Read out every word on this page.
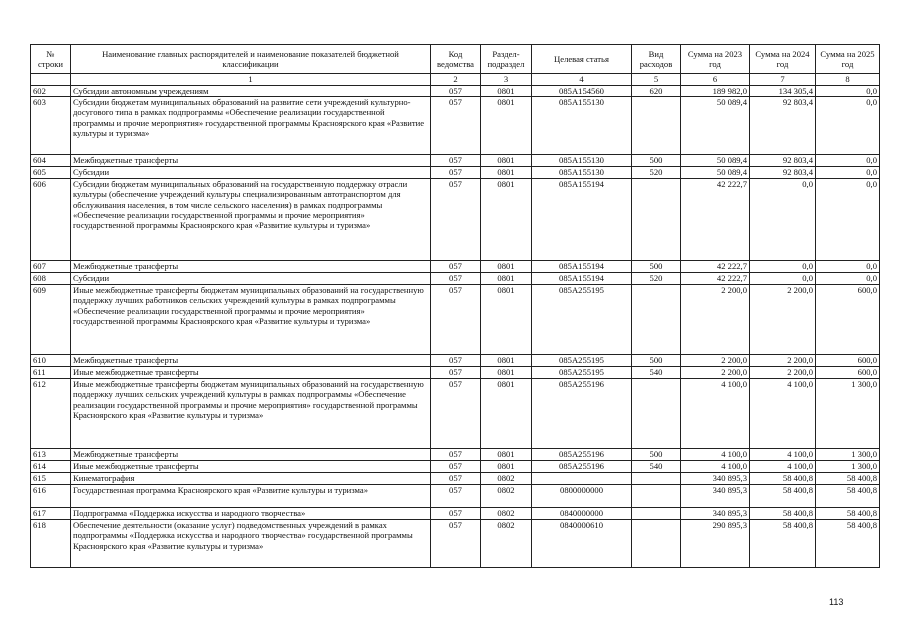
№ строки	Наименование главных распорядителей и наименование показателей бюджетной классификации	Код ведомства	Раздел-подраздел	Целевая статья	Вид расходов	Сумма на 2023 год	Сумма на 2024 год	Сумма на 2025 год
	1	2	3	4	5	6	7	8
602	Субсидии автономным учреждениям	057	0801	085А154560	620	189 982,0	134 305,4	0,0
603	Субсидии бюджетам муниципальных образований на развитие сети учреждений культурно-досугового типа в рамках подпрограммы «Обеспечение реализации государственной программы и прочие мероприятия» государственной программы Красноярского края «Развитие культуры и туризма»	057	0801	085А155130		50 089,4	92 803,4	0,0
604	Межбюджетные трансферты	057	0801	085А155130	500	50 089,4	92 803,4	0,0
605	Субсидии	057	0801	085А155130	520	50 089,4	92 803,4	0,0
606	Субсидии бюджетам муниципальных образований на государственную поддержку отрасли культуры (обеспечение учреждений культуры специализированным автотранспортом для обслуживания населения, в том числе сельского населения) в рамках подпрограммы «Обеспечение реализации государственной программы и прочие мероприятия» государственной программы Красноярского края «Развитие культуры и туризма»	057	0801	085А155194		42 222,7	0,0	0,0
607	Межбюджетные трансферты	057	0801	085А155194	500	42 222,7	0,0	0,0
608	Субсидии	057	0801	085А155194	520	42 222,7	0,0	0,0
609	Иные межбюджетные трансферты бюджетам муниципальных образований на государственную поддержку лучших работников сельских учреждений культуры в рамках подпрограммы «Обеспечение реализации государственной программы и прочие мероприятия» государственной программы Красноярского края «Развитие культуры и туризма»	057	0801	085А255195		2 200,0	2 200,0	600,0
610	Межбюджетные трансферты	057	0801	085А255195	500	2 200,0	2 200,0	600,0
611	Иные межбюджетные трансферты	057	0801	085А255195	540	2 200,0	2 200,0	600,0
612	Иные межбюджетные трансферты бюджетам муниципальных образований на государственную поддержку лучших сельских учреждений культуры в рамках подпрограммы «Обеспечение реализации государственной программы и прочие мероприятия» государственной программы Красноярского края «Развитие культуры и туризма»	057	0801	085А255196		4 100,0	4 100,0	1 300,0
613	Межбюджетные трансферты	057	0801	085А255196	500	4 100,0	4 100,0	1 300,0
614	Иные межбюджетные трансферты	057	0801	085А255196	540	4 100,0	4 100,0	1 300,0
615	Кинематография	057	0802			340 895,3	58 400,8	58 400,8
616	Государственная программа Красноярского края «Развитие культуры и туризма»	057	0802	0800000000		340 895,3	58 400,8	58 400,8
617	Подпрограмма «Поддержка искусства и народного творчества»	057	0802	0840000000		340 895,3	58 400,8	58 400,8
618	Обеспечение деятельности (оказание услуг) подведомственных учреждений в рамках подпрограммы «Поддержка искусства и народного творчества» государственной программы Красноярского края «Развитие культуры и туризма»	057	0802	0840000610		290 895,3	58 400,8	58 400,8
113
